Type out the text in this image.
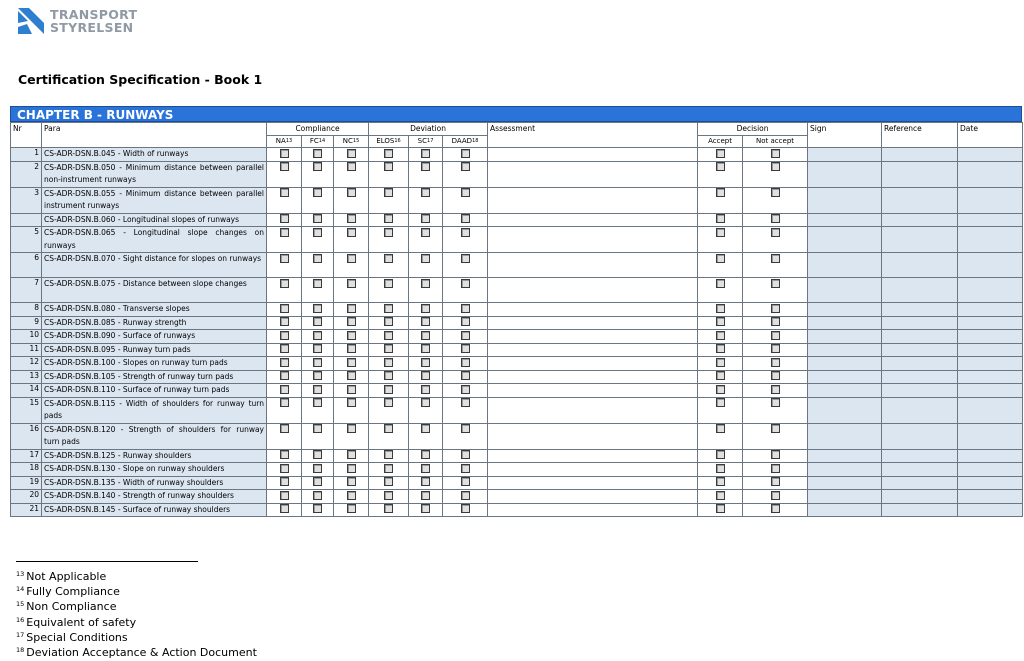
TRANSPORT
STYRELSEN
Certification Specification - Book 1
CHAPTER B - RUNWAYS
Nr	Para	Compliance			Deviation			Assessment	Decision		Sign	Reference	Date
		NA$^{13}$	FC$^{14}$	NC$^{15}$	ELOS$^{16}$	SC$^{17}$	DAAD$^{18}$		Accept	Not accept			
1	CS-ADR-DSN.B.045 - Width of runways												
2	CS-ADR-DSN.B.050 - Minimum distance between parallel non-instrument runways												
3	CS-ADR-DSN.B.055 - Minimum distance between parallel instrument runways												
	CS-ADR-DSN.B.060 - Longitudinal slopes of runways												
5	CS-ADR-DSN.B.065 - Longitudinal slope changes on runways												
6	CS-ADR-DSN.B.070 - Sight distance for slopes on runways												
7	CS-ADR-DSN.B.075 - Distance between slope changes												
8	CS-ADR-DSN.B.080 - Transverse slopes												
9	CS-ADR-DSN.B.085 - Runway strength												
10	CS-ADR-DSN.B.090 - Surface of runways												
11	CS-ADR-DSN.B.095 - Runway turn pads												
12	CS-ADR-DSN.B.100 - Slopes on runway turn pads												
13	CS-ADR-DSN.B.105 - Strength of runway turn pads												
14	CS-ADR-DSN.B.110 - Surface of runway turn pads												
15	CS-ADR-DSN.B.115 - Width of shoulders for runway turn pads												
16	CS-ADR-DSN.B.120 - Strength of shoulders for runway turn pads												
17	CS-ADR-DSN.B.125 - Runway shoulders												
18	CS-ADR-DSN.B.130 - Slope on runway shoulders												
19	CS-ADR-DSN.B.135 - Width of runway shoulders												
20	CS-ADR-DSN.B.140 - Strength of runway shoulders												
21	CS-ADR-DSN.B.145 - Surface of runway shoulders												
$^{13}$ Not Applicable
$^{14}$ Fully Compliance
$^{15}$ Non Compliance
$^{16}$ Equivalent of safety
$^{17}$ Special Conditions
$^{18}$ Deviation Acceptance & Action Document
